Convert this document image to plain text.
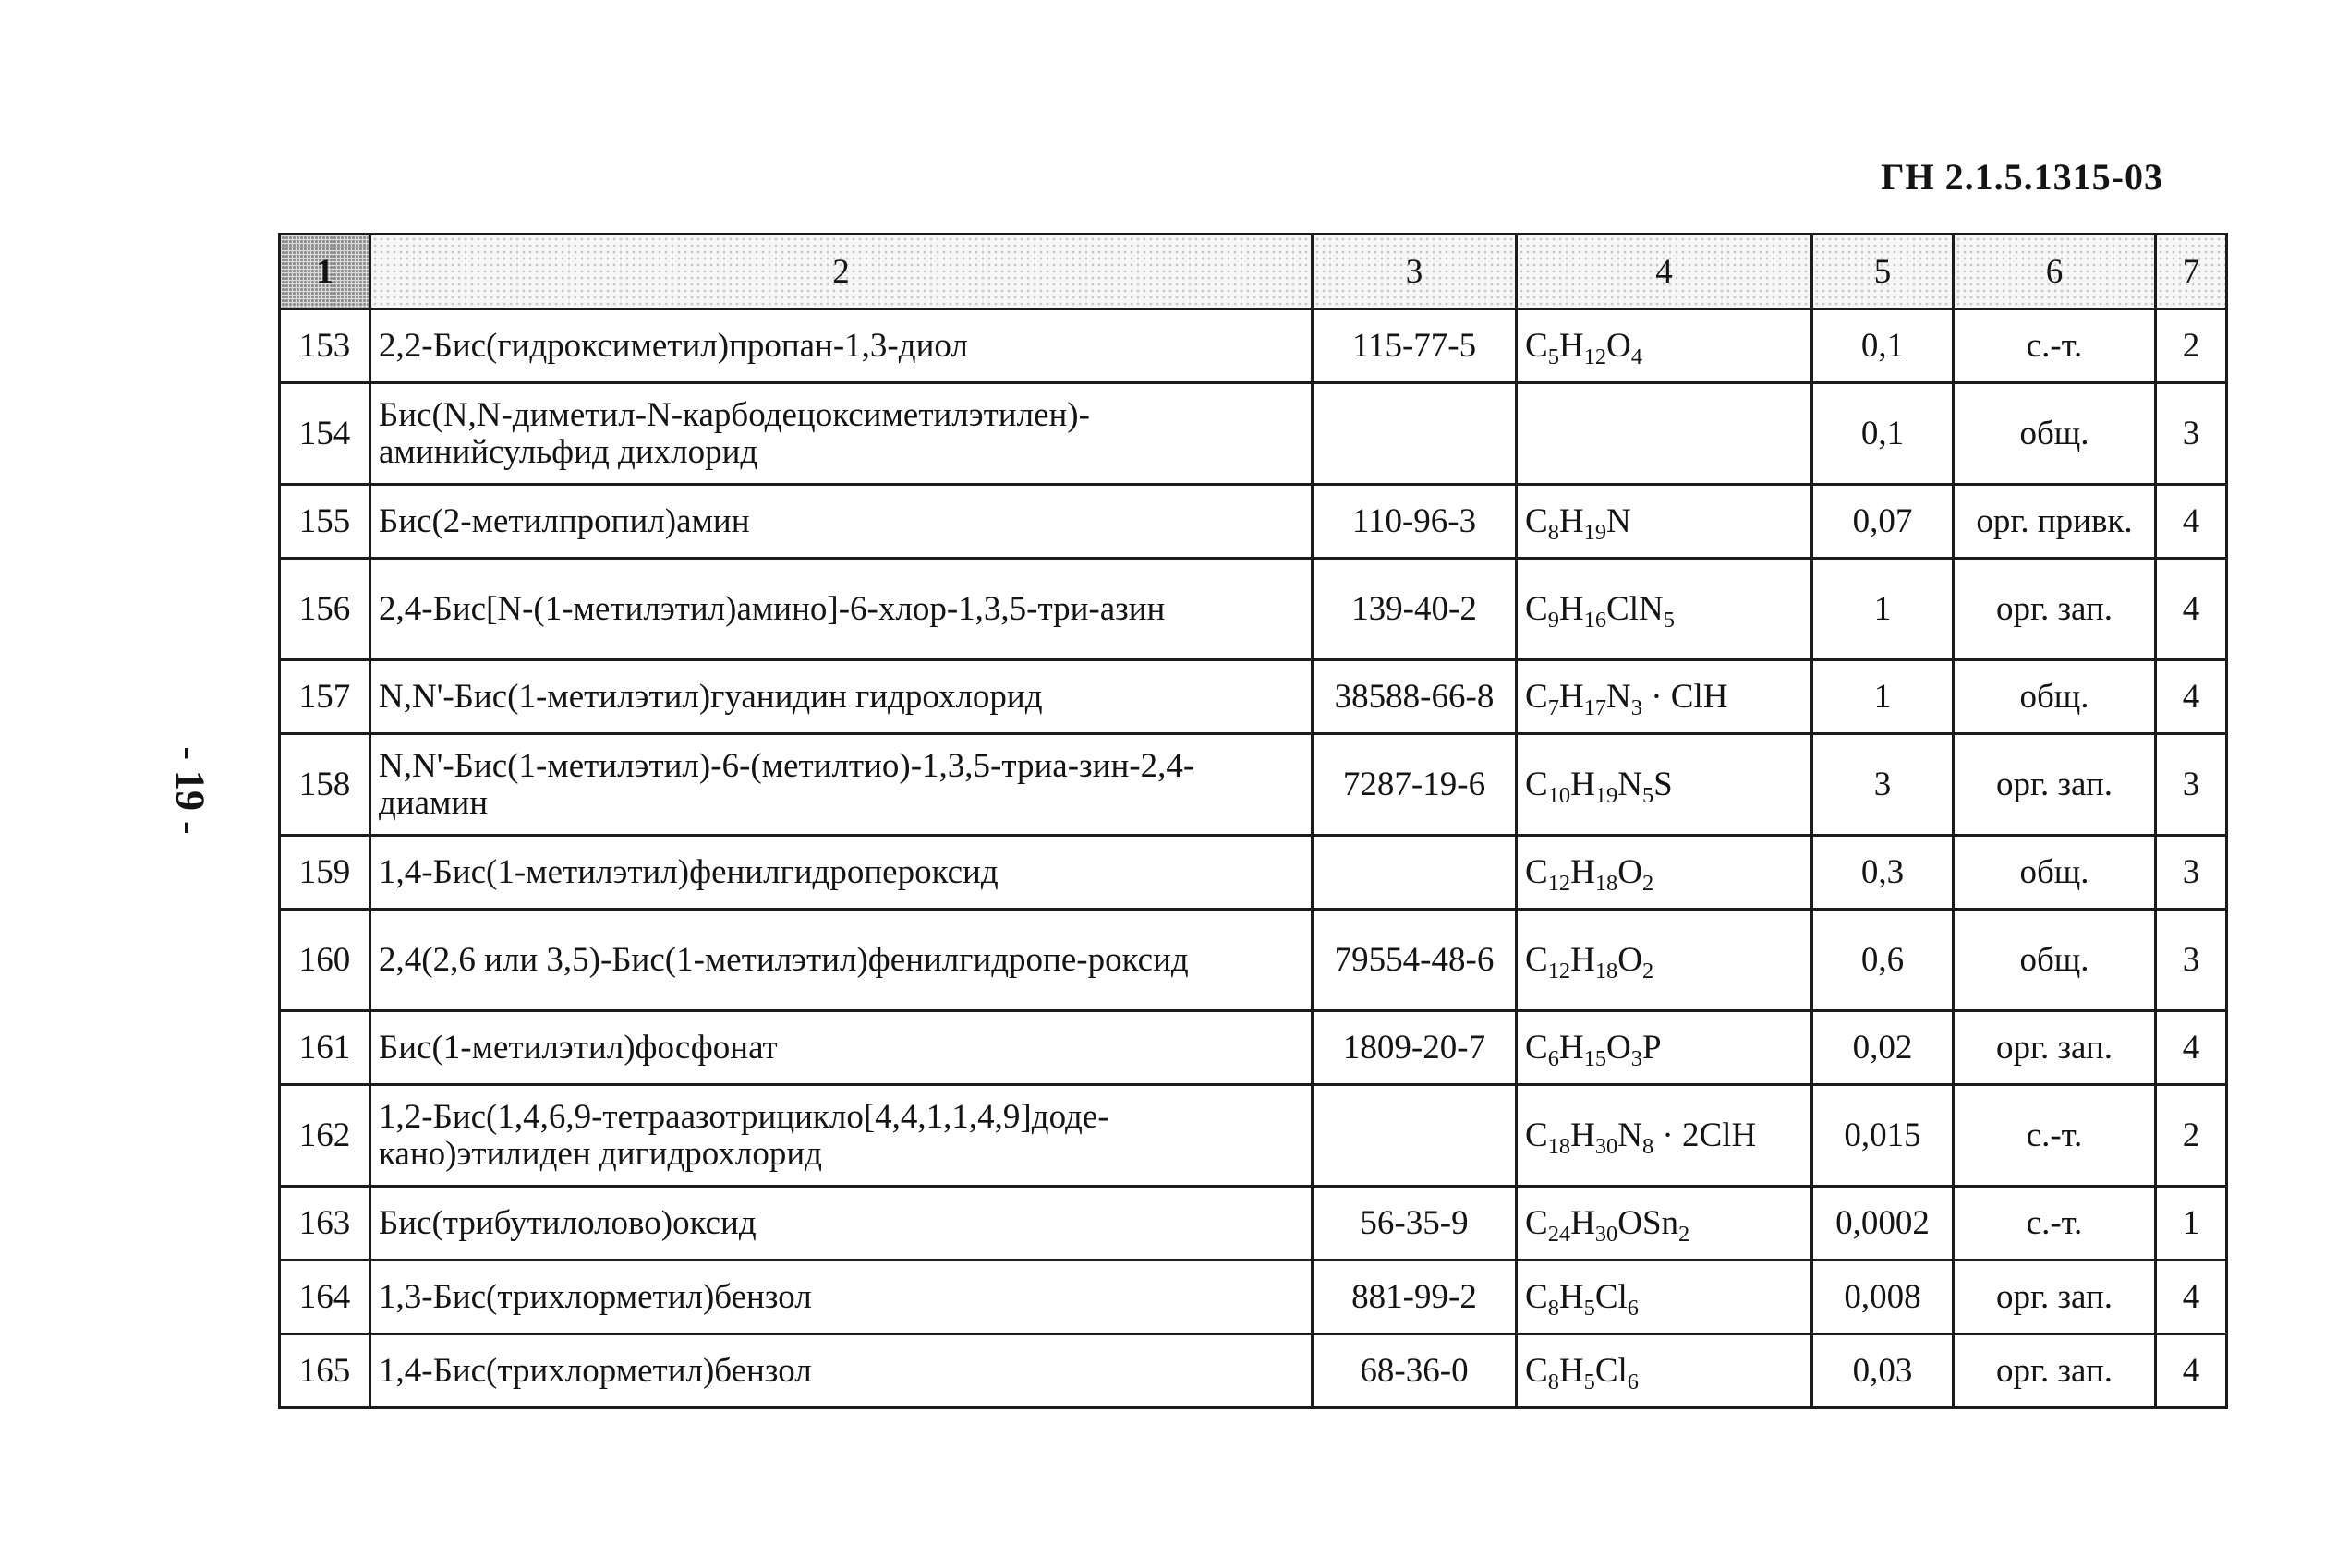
ГН 2.1.5.1315-03
- 19 -
1	2	3	4	5	6	7
153	2,2-Бис(гидроксиметил)пропан-1,3-диол	115-77-5	$C_5H_{12}O_4$	0,1	с.-т.	2
154	Бис(N,N-диметил-N-карбодецоксиметилэтилен)-аминийсульфид дихлорид			0,1	общ.	3
155	Бис(2-метилпропил)амин	110-96-3	$C_8H_{19}N$	0,07	орг. привк.	4
156	2,4-Бис[N-(1-метилэтил)амино]-6-хлор-1,3,5-три-азин	139-40-2	$C_9H_{16}ClN_5$	1	орг. зап.	4
157	N,N'-Бис(1-метилэтил)гуанидин гидрохлорид	38588-66-8	$C_7H_{17}N_3$ · ClH	1	общ.	4
158	N,N'-Бис(1-метилэтил)-6-(метилтио)-1,3,5-триа-зин-2,4-диамин	7287-19-6	$C_{10}H_{19}N_5S$	3	орг. зап.	3
159	1,4-Бис(1-метилэтил)фенилгидропероксид		$C_{12}H_{18}O_2$	0,3	общ.	3
160	2,4(2,6 или 3,5)-Бис(1-метилэтил)фенилгидропе-роксид	79554-48-6	$C_{12}H_{18}O_2$	0,6	общ.	3
161	Бис(1-метилэтил)фосфонат	1809-20-7	$C_6H_{15}O_3P$	0,02	орг. зап.	4
162	1,2-Бис(1,4,6,9-тетраазотрицикло[4,4,1,1,4,9]доде-кано)этилиден дигидрохлорид		$C_{18}H_{30}N_8 \cdot 2ClH$	0,015	с.-т.	2
163	Бис(трибутилолово)оксид	56-35-9	$C_{24}H_{30}OSn_2$	0,0002	с.-т.	1
164	1,3-Бис(трихлорметил)бензол	881-99-2	$C_8H_5Cl_6$	0,008	орг. зап.	4
165	1,4-Бис(трихлорметил)бензол	68-36-0	$C_8H_5Cl_6$	0,03	орг. зап.	4
